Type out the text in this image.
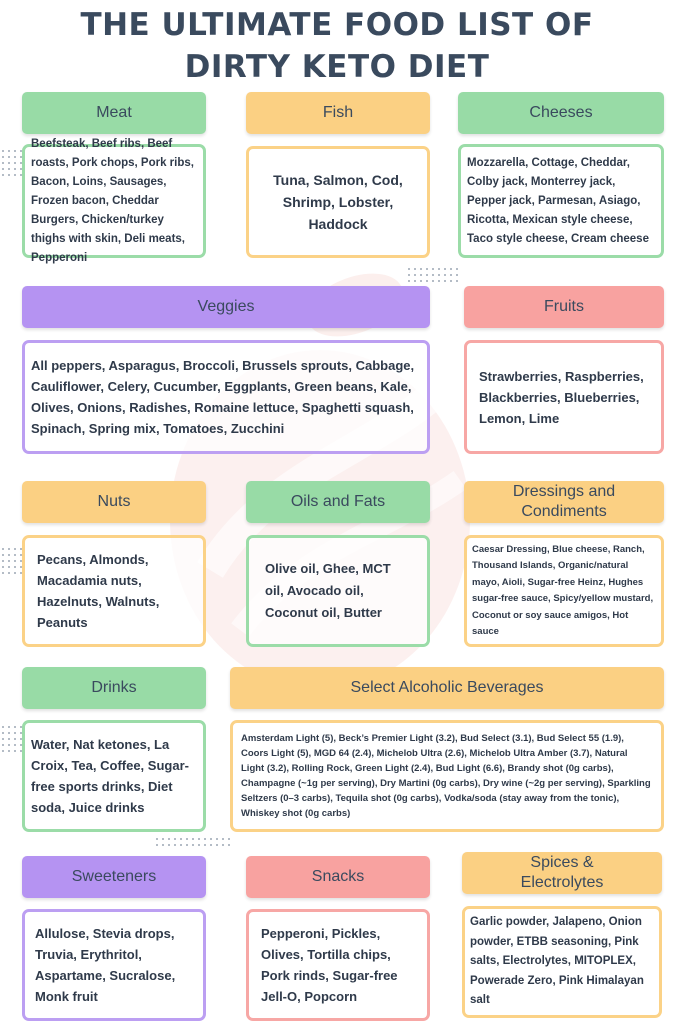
THE ULTIMATE FOOD LIST OF
DIRTY KETO DIET
Meat
Beefsteak, Beef ribs, Beef roasts, Pork chops, Pork ribs, Bacon, Loins, Sausages, Frozen bacon, Cheddar Burgers, Chicken/turkey thighs with skin, Deli meats, Pepperoni
Fish
Tuna, Salmon, Cod, Shrimp, Lobster, Haddock
Cheeses
Mozzarella, Cottage, Cheddar, Colby jack, Monterrey jack, Pepper jack, Parmesan, Asiago, Ricotta, Mexican style cheese, Taco style cheese, Cream cheese
Veggies
All peppers, Asparagus, Broccoli, Brussels sprouts, Cabbage, Cauliflower, Celery, Cucumber, Eggplants, Green beans, Kale, Olives, Onions, Radishes, Romaine lettuce, Spaghetti squash, Spinach, Spring mix, Tomatoes, Zucchini
Fruits
Strawberries, Raspberries, Blackberries, Blueberries, Lemon, Lime
Nuts
Pecans, Almonds, Macadamia nuts, Hazelnuts, Walnuts, Peanuts
Oils and Fats
Olive oil, Ghee, MCT oil, Avocado oil, Coconut oil, Butter
Dressings and Condiments
Caesar Dressing, Blue cheese, Ranch, Thousand Islands, Organic/natural mayo, Aioli, Sugar-free Heinz, Hughes sugar-free sauce, Spicy/yellow mustard, Coconut or soy sauce amigos, Hot sauce
Drinks
Water, Nat ketones, La Croix, Tea, Coffee, Sugar-free sports drinks, Diet soda, Juice drinks
Select Alcoholic Beverages
Amsterdam Light (5), Beck’s Premier Light (3.2), Bud Select (3.1), Bud Select 55 (1.9), Coors Light (5), MGD 64 (2.4), Michelob Ultra (2.6), Michelob Ultra Amber (3.7), Natural Light (3.2), Rolling Rock, Green Light (2.4), Bud Light (6.6), Brandy shot (0g carbs), Champagne (~1g per serving), Dry Martini (0g carbs), Dry wine (~2g per serving), Sparkling Seltzers (0–3 carbs), Tequila shot (0g carbs), Vodka/soda (stay away from the tonic), Whiskey shot (0g carbs)
Sweeteners
Allulose, Stevia drops, Truvia, Erythritol, Aspartame, Sucralose, Monk fruit
Snacks
Pepperoni, Pickles, Olives, Tortilla chips, Pork rinds, Sugar-free Jell-O, Popcorn
Spices & Electrolytes
Garlic powder, Jalapeno, Onion powder, ETBB seasoning, Pink salts, Electrolytes, MITOPLEX, Powerade Zero, Pink Himalayan salt
